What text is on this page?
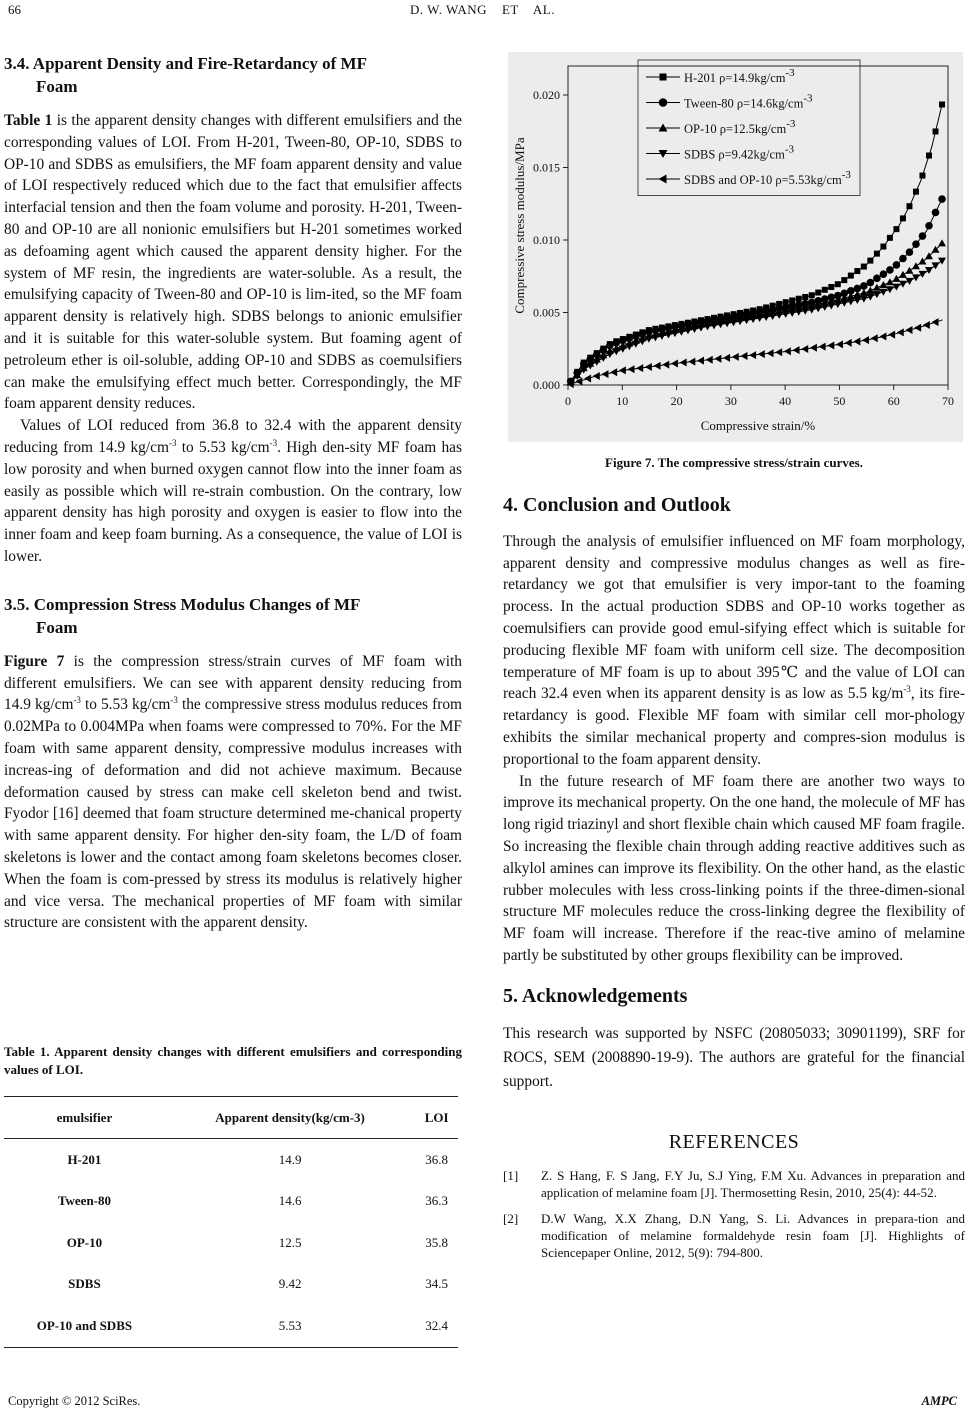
66	D. W. WANG    ET    AL.
3.4. Apparent Density and Fire-Retardancy of MF
Foam

Table 1 is the apparent density changes with different emulsifiers and the corresponding values of LOI. From H-201, Tween-80, OP-10, SDBS to OP-10 and SDBS as emulsifiers, the MF foam apparent density and value of LOI respectively reduced which due to the fact that emulsifier affects interfacial tension and then the foam volume and porosity. H-201, Tween-80 and OP-10 are all nonionic emulsifiers but H-201 sometimes worked as defoaming agent which caused the apparent density higher. For the system of MF resin, the ingredients are water-soluble. As a result, the emulsifying capacity of Tween-80 and OP-10 is lim-ited, so the MF foam apparent density is relatively high. SDBS belongs to anionic emulsifier and it is suitable for this water-soluble system. But foaming agent of petroleum ether is oil-soluble, adding OP-10 and SDBS as coemulsifiers can make the emulsifying effect much better. Correspondingly, the MF foam apparent density reduces.

Values of LOI reduced from 36.8 to 32.4 with the apparent density reducing from 14.9 $kg/cm^{-3}$ to 5.53 $kg/cm^{-3}$. High den-sity MF foam has low porosity and when burned oxygen cannot flow into the inner foam as easily as possible which will re-strain combustion. On the contrary, low apparent density has high porosity and oxygen is easier to flow into the inner foam and keep foam burning. As a consequence, the value of LOI is lower.

3.5. Compression Stress Modulus Changes of MF
Foam

Figure 7 is the compression stress/strain curves of MF foam with different emulsifiers. We can see with apparent density reducing from 14.9 $kg/cm^{-3}$ to 5.53 $kg/cm^{-3}$ the compressive stress modulus reduces from 0.02MPa to 0.004MPa when foams were compressed to 70%. For the MF foam with same apparent density, compressive modulus increases with increas-ing of deformation and did not achieve maximum. Because deformation caused by stress can make cell skeleton bend and twist. Fyodor [16] deemed that foam structure determined me-chanical property with same apparent density. For higher den-sity foam, the L/D of foam skeletons is lower and the contact among foam skeletons becomes closer. When the foam is com-pressed by stress its modulus is relatively higher and vice versa. The mechanical properties of MF foam with similar structure are consistent with the apparent density.

Table 1. Apparent density changes with different emulsifiers and corresponding values of LOI.
emulsifier	Apparent density(kg/cm-3)	LOI
H-201	14.9	36.8
Tween-80	14.6	36.3
OP-10	12.5	35.8
SDBS	9.42	34.5
OP-10 and SDBS	5.53	32.4
0	10	20	30	40	50	60	70
0.000
0.005
0.010
0.015
0.020
Compressive strain/%
Compressive stress modulus/MPa
H-201 ρ=14.9kg/cm-3
Tween-80 ρ=14.6kg/cm-3
OP-10 ρ=12.5kg/cm-3
SDBS ρ=9.42kg/cm-3
SDBS and OP-10 ρ=5.53kg/cm-3
Figure 7. The compressive stress/strain curves.
4. Conclusion and Outlook

Through the analysis of emulsifier influenced on MF foam morphology, apparent density and compressive modulus changes as well as fire-retardancy we got that emulsifier is very impor-tant to the foaming process. In the actual production SDBS and OP-10 works together as coemulsifiers can provide good emul-sifying effect which is suitable for producing flexible MF foam with uniform cell size. The decomposition temperature of MF foam is up to about 395℃ and the value of LOI can reach 32.4 even when its apparent density is as low as 5.5 $kg/m^{-3}$, its fire-retardancy is good. Flexible MF foam with similar cell mor-phology exhibits the similar mechanical property and compres-sion modulus is proportional to the foam apparent density.

In the future research of MF foam there are another two ways to improve its mechanical property. On the one hand, the molecule of MF has long rigid triazinyl and short flexible chain which caused MF foam fragile. So increasing the flexible chain through adding reactive additives such as alkylol amines can improve its flexibility. On the other hand, as the elastic rubber molecules with less cross-linking points if the three-dimen-sional structure MF molecules reduce the cross-linking degree the flexibility of MF foam will increase. Therefore if the reac-tive amino of melamine partly be substituted by other groups flexibility can be improved.

5. Acknowledgements

This research was supported by NSFC (20805033; 30901199), SRF for ROCS, SEM (2008890-19-9). The authors are grateful for the financial support.

REFERENCES
[1]	Z. S Hang, F. S Jang, F.Y Ju, S.J Ying, F.M Xu. Advances in preparation and application of melamine foam [J]. Thermosetting Resin, 2010, 25(4): 44-52.
[2]	D.W Wang, X.X Zhang, D.N Yang, S. Li. Advances in prepara-tion and modification of melamine formaldehyde resin foam [J]. Highlights of Sciencepaper Online, 2012, 5(9): 794-800.
Copyright © 2012 SciRes.	AMPC
